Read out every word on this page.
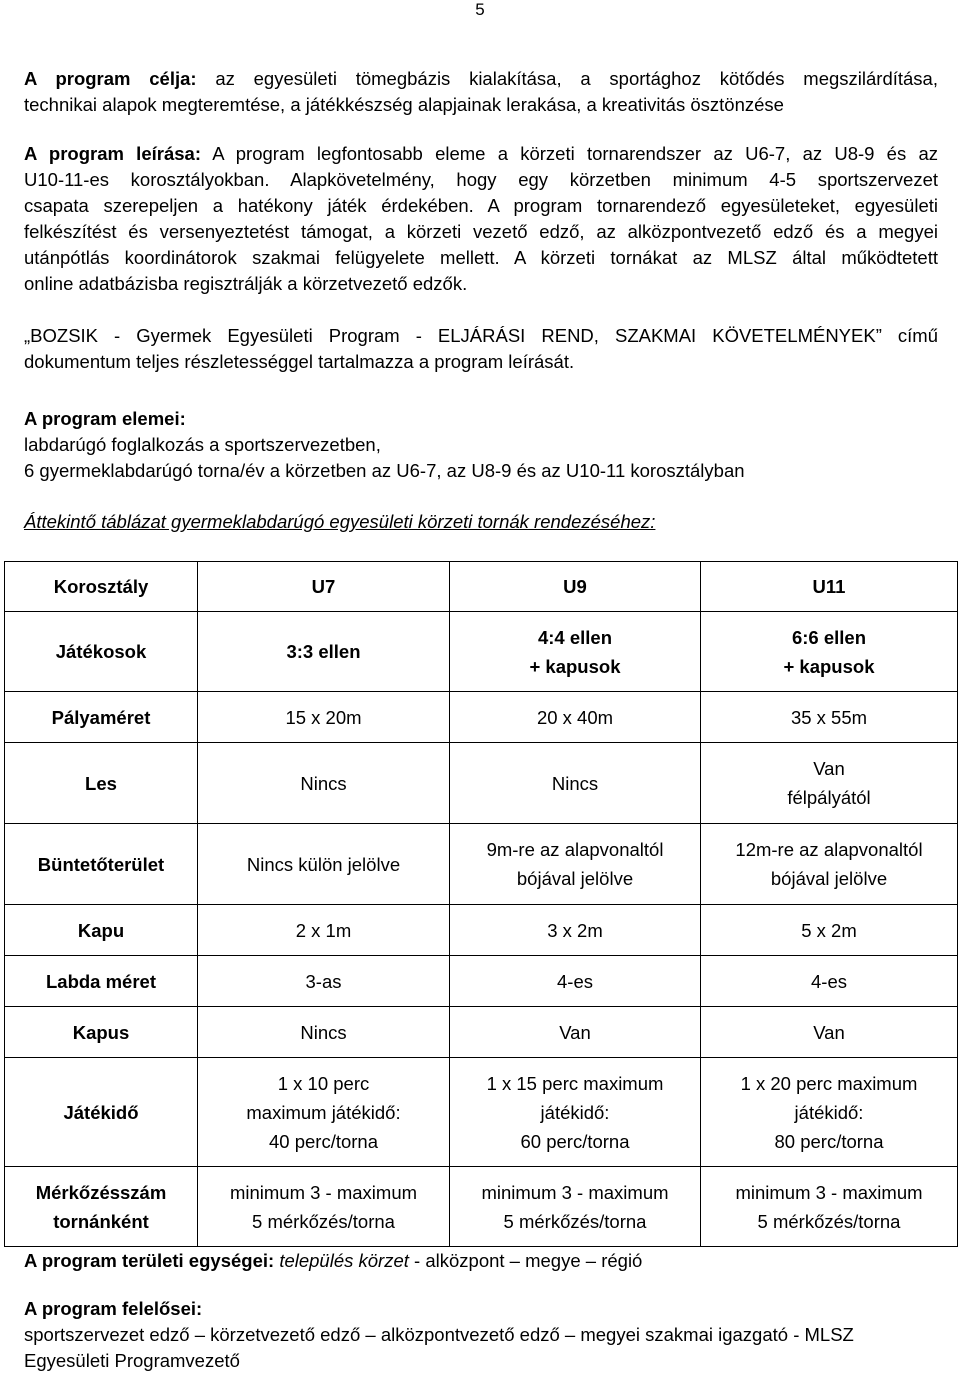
5
A program célja: az egyesületi tömegbázis kialakítása, a sportághoz kötődés megszilárdítása,
technikai alapok megteremtése, a játékkészség alapjainak lerakása, a kreativitás ösztönzése
A program leírása: A program legfontosabb eleme a körzeti tornarendszer az U6-7, az U8-9 és az
U10-11-es korosztályokban. Alapkövetelmény, hogy egy körzetben minimum 4-5 sportszervezet
csapata szerepeljen a hatékony játék érdekében. A program tornarendező egyesületeket, egyesületi
felkészítést és versenyeztetést támogat, a körzeti vezető edző, az alközpontvezető edző és a megyei
utánpótlás koordinátorok szakmai felügyelete mellett. A körzeti tornákat az MLSZ által működtetett
online adatbázisba regisztrálják a körzetvezető edzők.
„BOZSIK - Gyermek Egyesületi Program - ELJÁRÁSI REND, SZAKMAI KÖVETELMÉNYEK” című
dokumentum teljes részletességgel tartalmazza a program leírását.
A program elemei:
labdarúgó foglalkozás a sportszervezetben,
6 gyermeklabdarúgó torna/év a körzetben az U6-7, az U8-9 és az U10-11 korosztályban
Áttekintő táblázat gyermeklabdarúgó egyesületi körzeti tornák rendezéséhez:
Korosztály	U7	U9	U11

Játékosok	3:3 ellen	4:4 ellen
+ kapusok	6:6 ellen
+ kapusok

Pályaméret	15 x 20m	20 x 40m	35 x 55m

Les	Nincs	Nincs	Van
félpályától

Büntetőterület	Nincs külön jelölve	9m-re az alapvonaltól
bójával jelölve	12m-re az alapvonaltól
bójával jelölve

Kapu	2 x 1m	3 x 2m	5 x 2m

Labda méret	3-as	4-es	4-es

Kapus	Nincs	Van	Van

Játékidő	1 x 10 perc
maximum játékidő:
40 perc/torna	1 x 15 perc maximum
játékidő:
60 perc/torna	1 x 20 perc maximum
játékidő:
80 perc/torna

Mérkőzésszám
tornánként	minimum 3 - maximum
5 mérkőzés/torna	minimum 3 - maximum
5 mérkőzés/torna	minimum 3 - maximum
5 mérkőzés/torna
A program területi egységei: település körzet - alközpont – megye – régió
A program felelősei:
sportszervezet edző – körzetvezető edző – alközpontvezető edző – megyei szakmai igazgató - MLSZ
Egyesületi Programvezető
